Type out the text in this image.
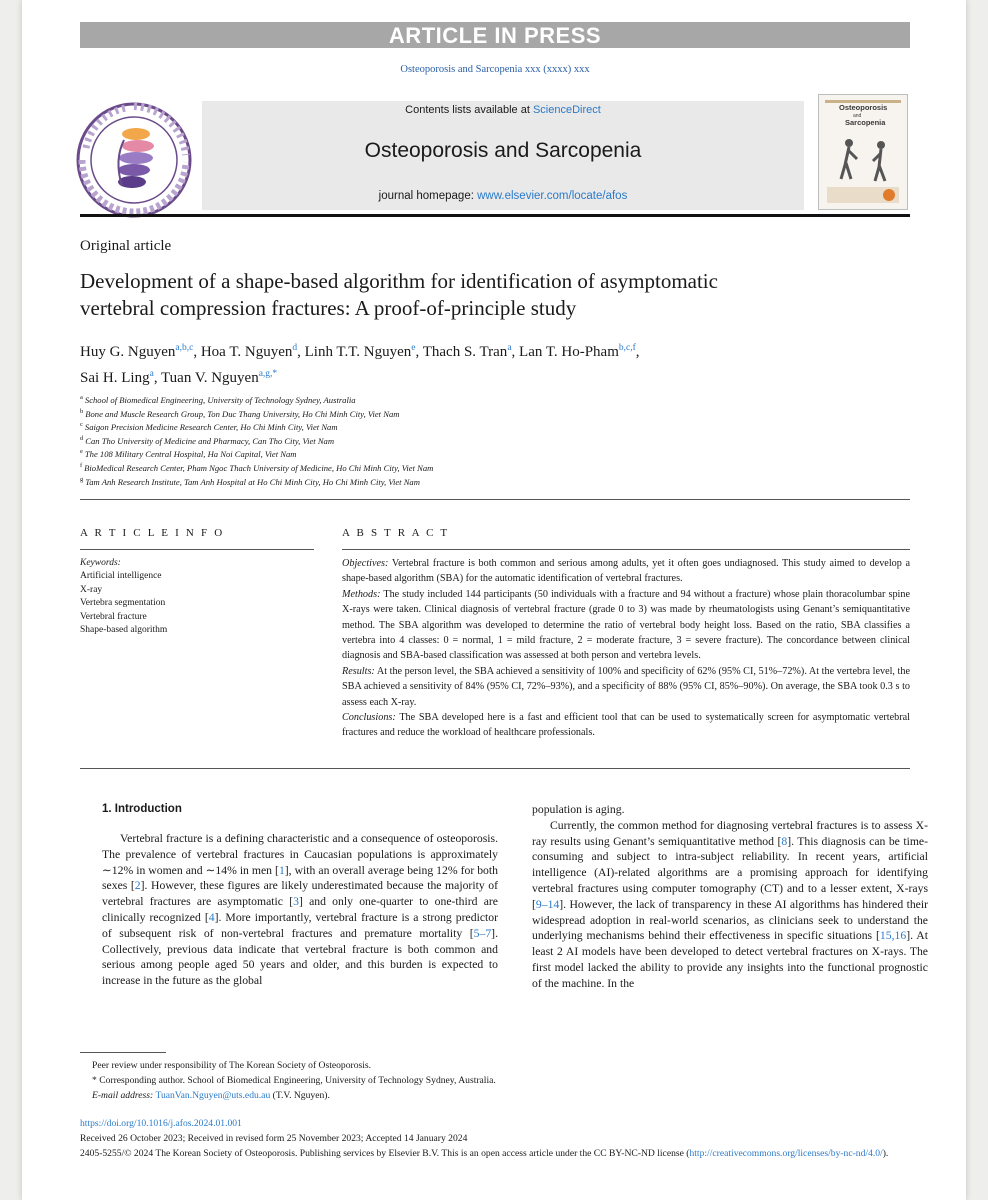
ARTICLE IN PRESS
Osteoporosis and Sarcopenia xxx (xxxx) xxx
Contents lists available at ScienceDirect
Osteoporosis and Sarcopenia
journal homepage: www.elsevier.com/locate/afos
Osteoporosis
and
Sarcopenia
Original article
Development of a shape-based algorithm for identification of asymptomatic
vertebral compression fractures: A proof-of-principle study
Huy G. Nguyen$^{a,b,c}$, Hoa T. Nguyen$^d$, Linh T.T. Nguyen$^e$, Thach S. Tran$^a$, Lan T. Ho-Pham$^{b,c,f}$,
Sai H. Ling$^a$, Tuan V. Nguyen$^{a,g,*}$
$^a$ School of Biomedical Engineering, University of Technology Sydney, Australia
$^b$ Bone and Muscle Research Group, Ton Duc Thang University, Ho Chi Minh City, Viet Nam
$^c$ Saigon Precision Medicine Research Center, Ho Chi Minh City, Viet Nam
$^d$ Can Tho University of Medicine and Pharmacy, Can Tho City, Viet Nam
$^e$ The 108 Military Central Hospital, Ha Noi Capital, Viet Nam
$^f$ BioMedical Research Center, Pham Ngoc Thach University of Medicine, Ho Chi Minh City, Viet Nam
$^g$ Tam Anh Research Institute, Tam Anh Hospital at Ho Chi Minh City, Ho Chi Minh City, Viet Nam
A R T I C L E I N F O	A B S T R A C T
Keywords:
Artificial intelligence
X-ray
Vertebra segmentation
Vertebral fracture
Shape-based algorithm

Objectives: Vertebral fracture is both common and serious among adults, yet it often goes undiagnosed. This study aimed to develop a shape-based algorithm (SBA) for the automatic identification of vertebral fractures.

Methods: The study included 144 participants (50 individuals with a fracture and 94 without a fracture) whose plain thoracolumbar spine X-rays were taken. Clinical diagnosis of vertebral fracture (grade 0 to 3) was made by rheumatologists using Genant’s semiquantitative method. The SBA algorithm was developed to determine the ratio of vertebral body height loss. Based on the ratio, SBA classifies a vertebra into 4 classes: 0 = normal, 1 = mild fracture, 2 = moderate fracture, 3 = severe fracture). The concordance between clinical diagnosis and SBA-based classification was assessed at both person and vertebra levels.

Results: At the person level, the SBA achieved a sensitivity of 100% and specificity of 62% (95% CI, 51%–72%). At the vertebra level, the SBA achieved a sensitivity of 84% (95% CI, 72%–93%), and a specificity of 88% (95% CI, 85%–90%). On average, the SBA took 0.3 s to assess each X-ray.

Conclusions: The SBA developed here is a fast and efficient tool that can be used to systematically screen for asymptomatic vertebral fractures and reduce the workload of healthcare professionals.

1. Introduction

Vertebral fracture is a defining characteristic and a consequence of osteoporosis. The prevalence of vertebral fractures in Caucasian populations is approximately ∼12% in women and ∼14% in men [1], with an overall average being 12% for both sexes [2]. However, these figures are likely underestimated because the majority of vertebral fractures are asymptomatic [3] and only one-quarter to one-third are clinically recognized [4]. More importantly, vertebral fracture is a strong predictor of subsequent risk of non-vertebral fractures and premature mortality [5–7]. Collectively, previous data indicate that vertebral fracture is both common and serious among people aged 50 years and older, and this burden is expected to increase in the future as the global

population is aging.

Currently, the common method for diagnosing vertebral fractures is to assess X-ray results using Genant’s semiquantitative method [8]. This diagnosis can be time-consuming and subject to intra-subject reliability. In recent years, artificial intelligence (AI)-related algorithms are a promising approach for identifying vertebral fractures using computer tomography (CT) and to a lesser extent, X-rays [9–14]. However, the lack of transparency in these AI algorithms has hindered their widespread adoption in real-world scenarios, as clinicians seek to understand the underlying mechanisms behind their effectiveness in specific situations [15,16]. At least 2 AI models have been developed to detect vertebral fractures on X-rays. The first model lacked the ability to provide any insights into the functional prognostic of the machine. In the

Peer review under responsibility of The Korean Society of Osteoporosis.
* Corresponding author. School of Biomedical Engineering, University of Technology Sydney, Australia.
E-mail address: TuanVan.Nguyen@uts.edu.au (T.V. Nguyen).
https://doi.org/10.1016/j.afos.2024.01.001
Received 26 October 2023; Received in revised form 25 November 2023; Accepted 14 January 2024
2405-5255/© 2024 The Korean Society of Osteoporosis. Publishing services by Elsevier B.V. This is an open access article under the CC BY-NC-ND license (http://creativecommons.org/licenses/by-nc-nd/4.0/).
